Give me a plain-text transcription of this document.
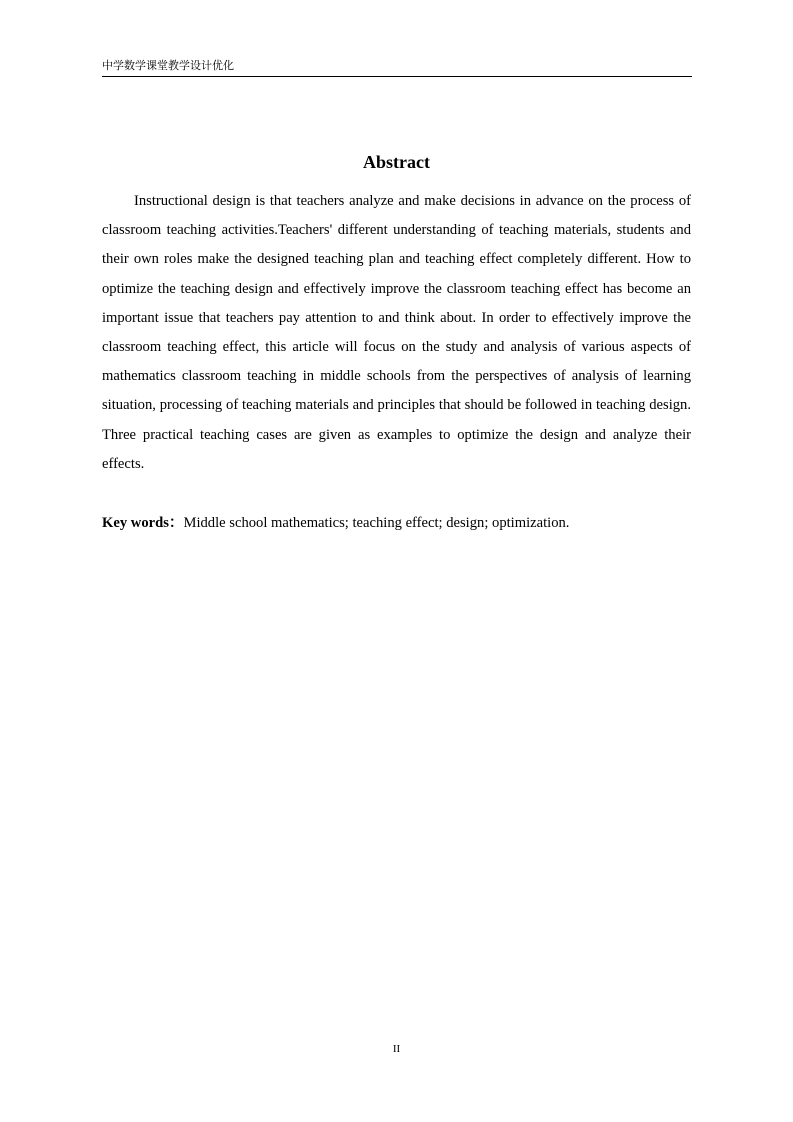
中学数学课堂教学设计优化
Abstract

Instructional design is that teachers analyze and make decisions in advance on the process of classroom teaching activities.Teachers' different understanding of teaching materials, students and their own roles make the designed teaching plan and teaching effect completely different. How to optimize the teaching design and effectively improve the classroom teaching effect has become an important issue that teachers pay attention to and think about. In order to effectively improve the classroom teaching effect, this article will focus on the study and analysis of various aspects of mathematics classroom teaching in middle schools from the perspectives of analysis of learning situation, processing of teaching materials and principles that should be followed in teaching design. Three practical teaching cases are given as examples to optimize the design and analyze their effects.

Key words：Middle school mathematics; teaching effect; design; optimization.
II
